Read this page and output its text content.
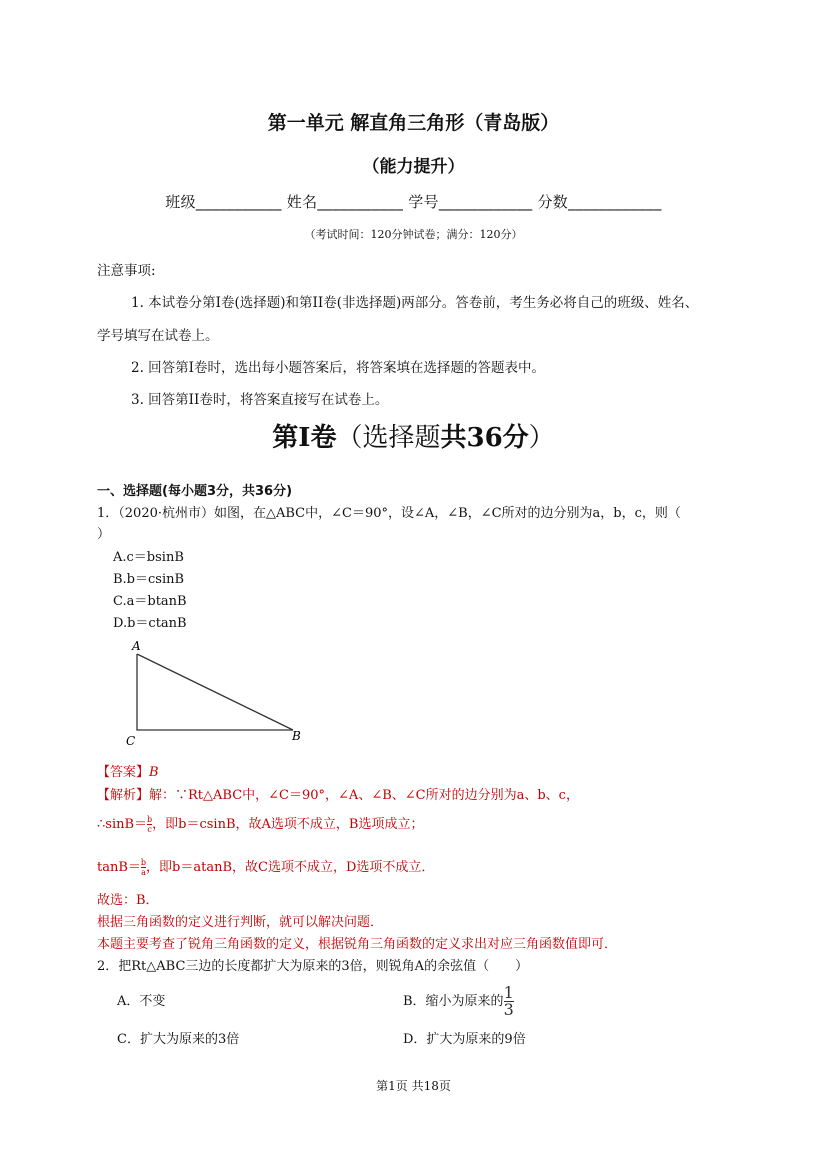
第一单元 解直角三角形（青岛版）
（能力提升）
班级___________ 姓名___________ 学号____________ 分数____________
（考试时间：120分钟试卷；满分：120分）
注意事项:
1. 本试卷分第I卷(选择题)和第II卷(非选择题)两部分。答卷前，考生务必将自己的班级、姓名、
学号填写在试卷上。
2. 回答第I卷时，选出每小题答案后，将答案填在选择题的答题表中。
3. 回答第II卷时，将答案直接写在试卷上。
第I卷（选择题共36分）
一、选择题(每小题3分，共36分)
1．（2020·杭州市）如图，在△ABC中，∠C＝90°，设∠A，∠B，∠C所对的边分别为a，b，c，则（
）
A.c＝bsinB
B.b＝csinB
C.a＝btanB
D.b＝ctanB
A
C	B
【答案】B
【解析】解：∵Rt△ABC中，∠C＝90°，∠A、∠B、∠C所对的边分别为a、b、c，
∴sinB＝ $\frac{b}{c}$ ，即b＝csinB，故A选项不成立，B选项成立；
$\tan B= \frac{b}{a}$ ，即b＝atanB，故C选项不成立，D选项不成立．
故选：B．
根据三角函数的定义进行判断，就可以解决问题．
本题主要考查了锐角三角函数的定义，根据锐角三角函数的定义求出对应三角函数值即可．
2．把Rt△ABC三边的长度都扩大为原来的3倍，则锐角A的余弦值（　　）
A．不变	B．缩小为原来的 $\frac{1}{3}$
C．扩大为原来的3倍	D．扩大为原来的9倍
第1页 共18页
